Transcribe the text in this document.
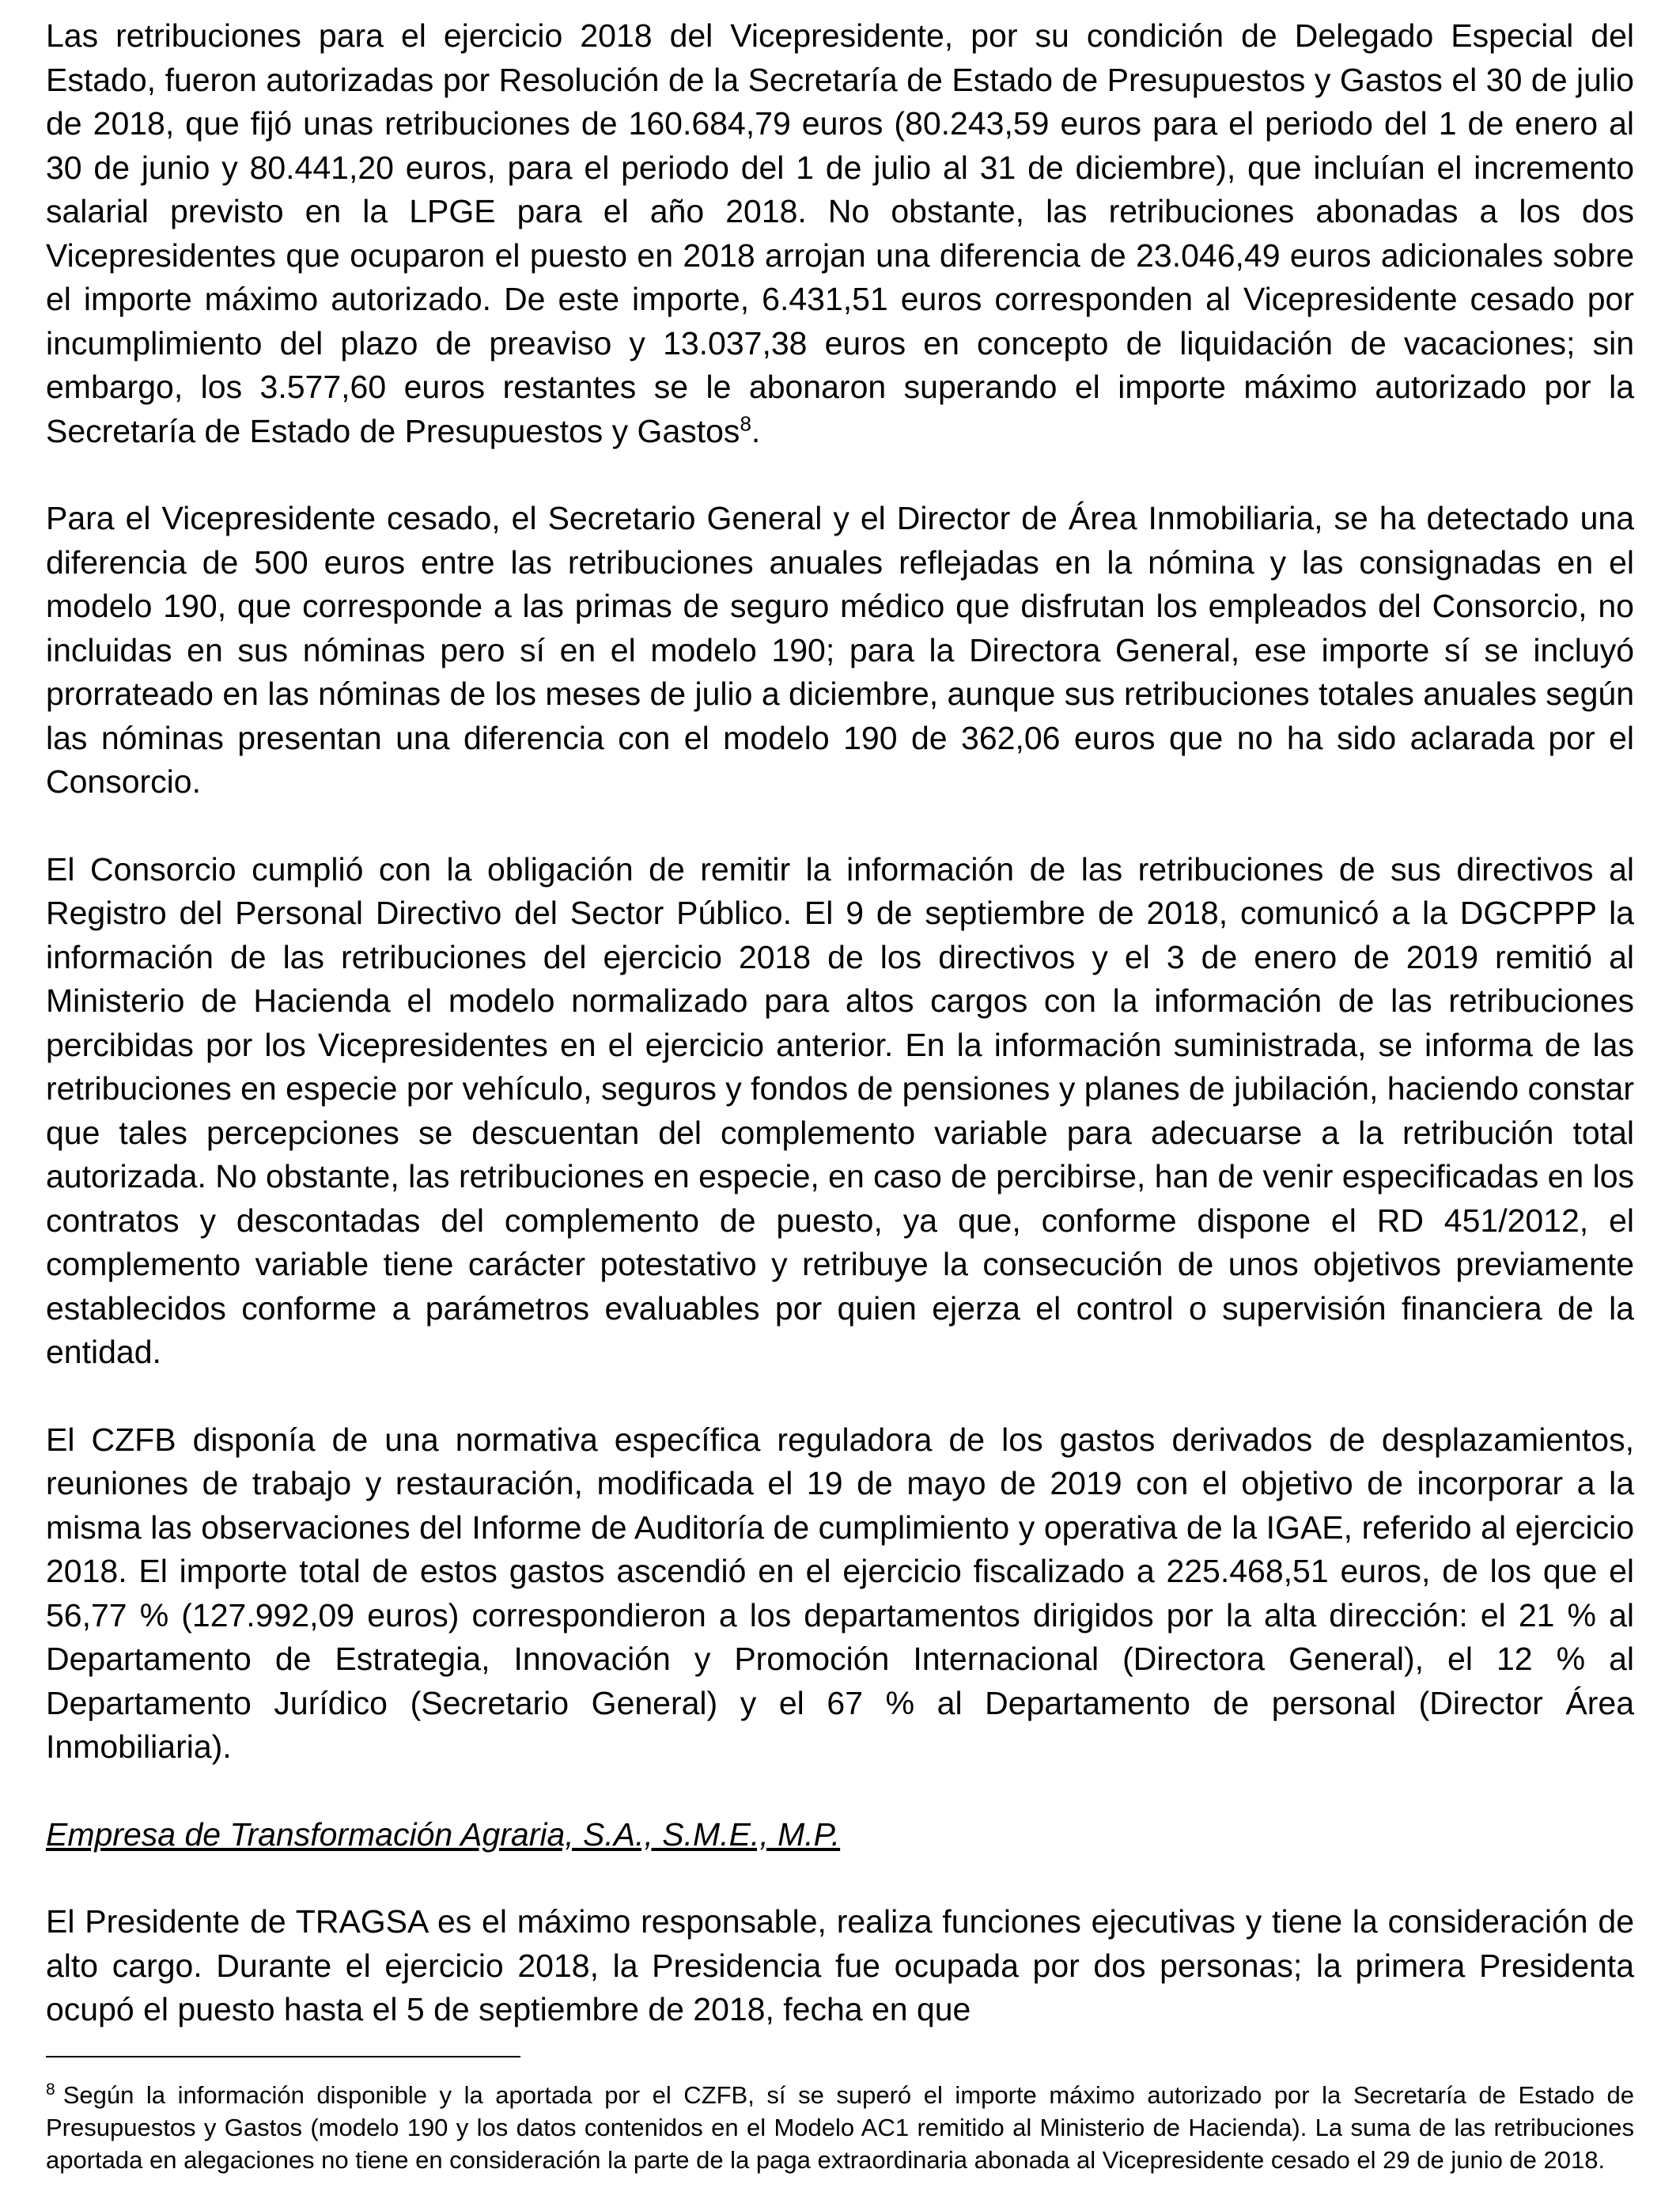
Las retribuciones para el ejercicio 2018 del Vicepresidente, por su condición de Delegado Especial del Estado, fueron autorizadas por Resolución de la Secretaría de Estado de Presupuestos y Gastos el 30 de julio de 2018, que fijó unas retribuciones de 160.684,79 euros (80.243,59 euros para el periodo del 1 de enero al 30 de junio y 80.441,20 euros, para el periodo del 1 de julio al 31 de diciembre), que incluían el incremento salarial previsto en la LPGE para el año 2018. No obstante, las retribuciones abonadas a los dos Vicepresidentes que ocuparon el puesto en 2018 arrojan una diferencia de 23.046,49 euros adicionales sobre el importe máximo autorizado. De este importe, 6.431,51 euros corresponden al Vicepresidente cesado por incumplimiento del plazo de preaviso y 13.037,38 euros en concepto de liquidación de vacaciones; sin embargo, los 3.577,60 euros restantes se le abonaron superando el importe máximo autorizado por la Secretaría de Estado de Presupuestos y Gastos$^8$.

Para el Vicepresidente cesado, el Secretario General y el Director de Área Inmobiliaria, se ha detectado una diferencia de 500 euros entre las retribuciones anuales reflejadas en la nómina y las consignadas en el modelo 190, que corresponde a las primas de seguro médico que disfrutan los empleados del Consorcio, no incluidas en sus nóminas pero sí en el modelo 190; para la Directora General, ese importe sí se incluyó prorrateado en las nóminas de los meses de julio a diciembre, aunque sus retribuciones totales anuales según las nóminas presentan una diferencia con el modelo 190 de 362,06 euros que no ha sido aclarada por el Consorcio.

El Consorcio cumplió con la obligación de remitir la información de las retribuciones de sus directivos al Registro del Personal Directivo del Sector Público. El 9 de septiembre de 2018, comunicó a la DGCPPP la información de las retribuciones del ejercicio 2018 de los directivos y el 3 de enero de 2019 remitió al Ministerio de Hacienda el modelo normalizado para altos cargos con la información de las retribuciones percibidas por los Vicepresidentes en el ejercicio anterior. En la información suministrada, se informa de las retribuciones en especie por vehículo, seguros y fondos de pensiones y planes de jubilación, haciendo constar que tales percepciones se descuentan del complemento variable para adecuarse a la retribución total autorizada. No obstante, las retribuciones en especie, en caso de percibirse, han de venir especificadas en los contratos y descontadas del complemento de puesto, ya que, conforme dispone el RD 451/2012, el complemento variable tiene carácter potestativo y retribuye la consecución de unos objetivos previamente establecidos conforme a parámetros evaluables por quien ejerza el control o supervisión financiera de la entidad.

El CZFB disponía de una normativa específica reguladora de los gastos derivados de desplazamientos, reuniones de trabajo y restauración, modificada el 19 de mayo de 2019 con el objetivo de incorporar a la misma las observaciones del Informe de Auditoría de cumplimiento y operativa de la IGAE, referido al ejercicio 2018. El importe total de estos gastos ascendió en el ejercicio fiscalizado a 225.468,51 euros, de los que el 56,77 % (127.992,09 euros) correspondieron a los departamentos dirigidos por la alta dirección: el 21 % al Departamento de Estrategia, Innovación y Promoción Internacional (Directora General), el 12 % al Departamento Jurídico (Secretario General) y el 67 % al Departamento de personal (Director Área Inmobiliaria).

Empresa de Transformación Agraria, S.A., S.M.E., M.P.

El Presidente de TRAGSA es el máximo responsable, realiza funciones ejecutivas y tiene la consideración de alto cargo. Durante el ejercicio 2018, la Presidencia fue ocupada por dos personas; la primera Presidenta ocupó el puesto hasta el 5 de septiembre de 2018, fecha en que

$^8$ Según la información disponible y la aportada por el CZFB, sí se superó el importe máximo autorizado por la Secretaría de Estado de Presupuestos y Gastos (modelo 190 y los datos contenidos en el Modelo AC1 remitido al Ministerio de Hacienda). La suma de las retribuciones aportada en alegaciones no tiene en consideración la parte de la paga extraordinaria abonada al Vicepresidente cesado el 29 de junio de 2018.
